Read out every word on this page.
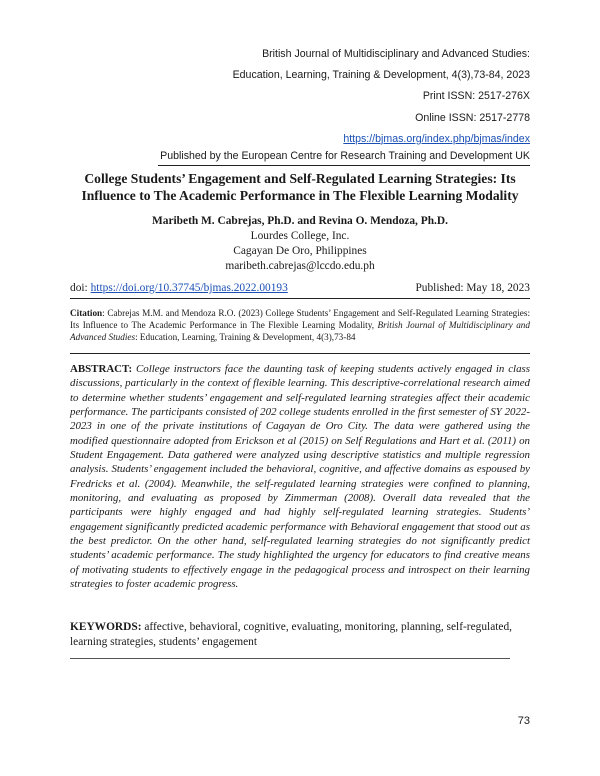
British Journal of Multidisciplinary and Advanced Studies:
Education, Learning, Training & Development, 4(3),73-84, 2023
Print ISSN: 2517-276X
Online ISSN: 2517-2778
https://bjmas.org/index.php/bjmas/index
Published by the European Centre for Research Training and Development UK
College Students’ Engagement and Self-Regulated Learning Strategies: Its Influence to The Academic Performance in The Flexible Learning Modality
Maribeth M. Cabrejas, Ph.D. and Revina O. Mendoza, Ph.D.
Lourdes College, Inc.
Cagayan De Oro, Philippines
maribeth.cabrejas@lccdo.edu.ph
doi: https://doi.org/10.37745/bjmas.2022.00193	Published: May 18, 2023
Citation: Cabrejas M.M. and Mendoza R.O. (2023) College Students’ Engagement and Self-Regulated Learning Strategies: Its Influence to The Academic Performance in The Flexible Learning Modality, British Journal of Multidisciplinary and Advanced Studies: Education, Learning, Training & Development, 4(3),73-84
ABSTRACT: College instructors face the daunting task of keeping students actively engaged in class discussions, particularly in the context of flexible learning. This descriptive-correlational research aimed to determine whether students’ engagement and self-regulated learning strategies affect their academic performance. The participants consisted of 202 college students enrolled in the first semester of SY 2022-2023 in one of the private institutions of Cagayan de Oro City. The data were gathered using the modified questionnaire adopted from Erickson et al (2015) on Self Regulations and Hart et al. (2011) on Student Engagement. Data gathered were analyzed using descriptive statistics and multiple regression analysis. Students’ engagement included the behavioral, cognitive, and affective domains as espoused by Fredricks et al. (2004). Meanwhile, the self-regulated learning strategies were confined to planning, monitoring, and evaluating as proposed by Zimmerman (2008). Overall data revealed that the participants were highly engaged and had highly self-regulated learning strategies. Students’ engagement significantly predicted academic performance with Behavioral engagement that stood out as the best predictor. On the other hand, self-regulated learning strategies do not significantly predict students’ academic performance. The study highlighted the urgency for educators to find creative means of motivating students to effectively engage in the pedagogical process and introspect on their learning strategies to foster academic progress.
KEYWORDS: affective, behavioral, cognitive, evaluating, monitoring, planning, self-regulated, learning strategies, students’ engagement
73
